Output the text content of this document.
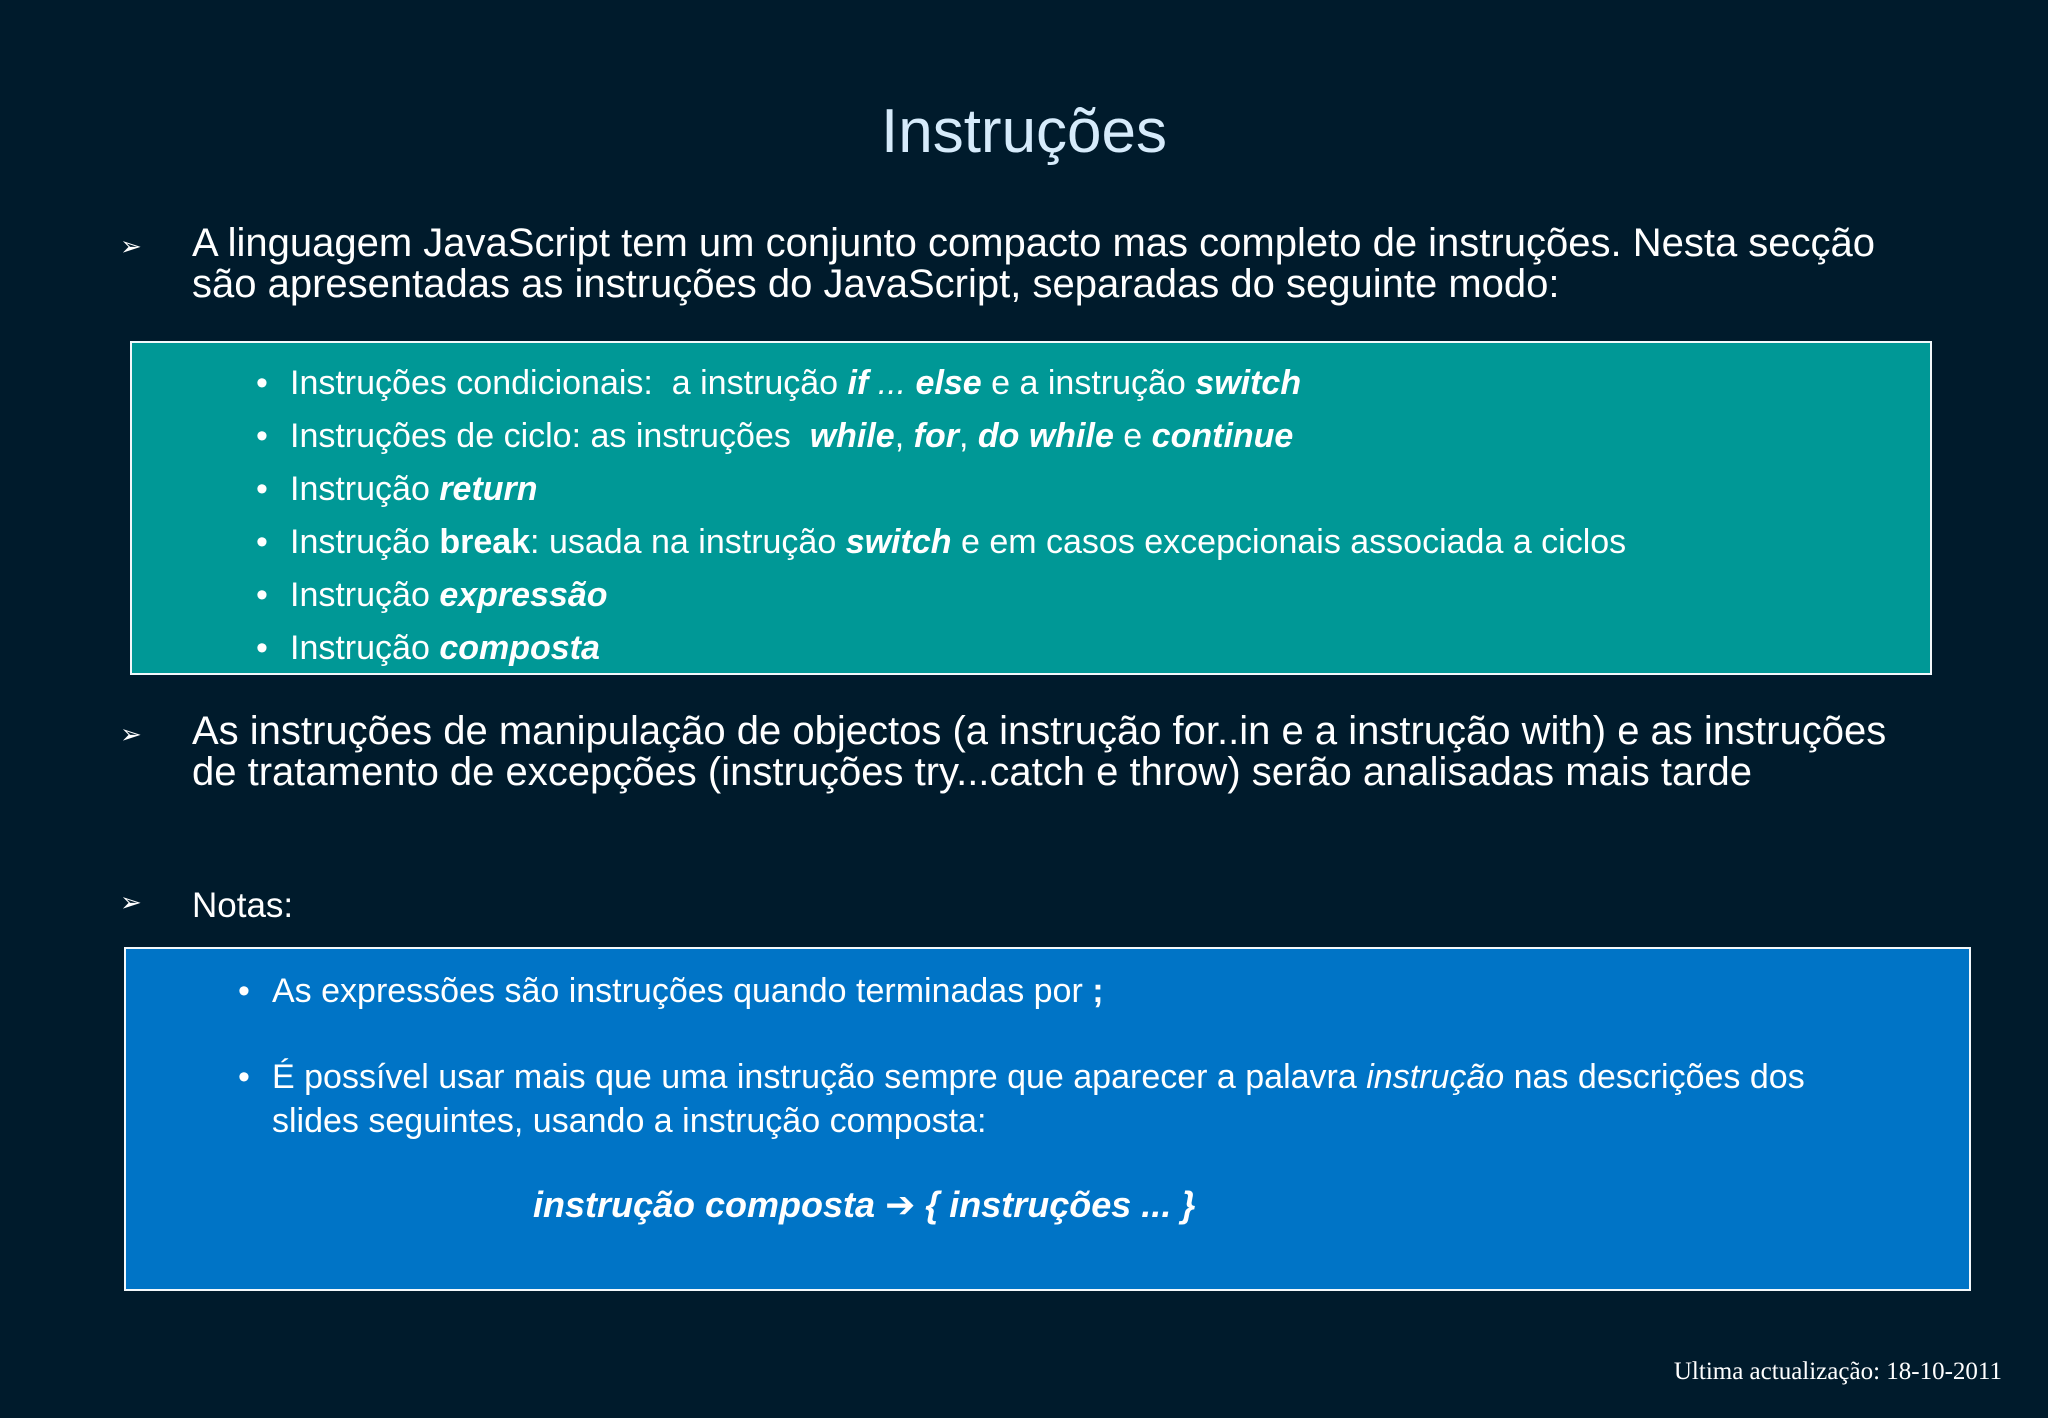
Instruções
➢	A linguagem JavaScript tem um conjunto compacto mas completo de instruções. Nesta secção são apresentadas as instruções do JavaScript, separadas do seguinte modo:
• Instruções condicionais:  a instrução if ... else e a instrução switch
• Instruções de ciclo: as instruções  while, for, do while e continue
• Instrução return
• Instrução break: usada na instrução switch e em casos excepcionais associada a ciclos
• Instrução expressão
• Instrução composta
➢	As instruções de manipulação de objectos (a instrução for..in e a instrução with) e as instruções de tratamento de excepções (instruções try...catch e throw) serão analisadas mais tarde
➢	Notas:
• As expressões são instruções quando terminadas por ;
• É possível usar mais que uma instrução sempre que aparecer a palavra instrução nas descrições dos slides seguintes, usando a instrução composta:
instrução composta ➔ { instruções ... }
Ultima actualização: 18-10-2011
